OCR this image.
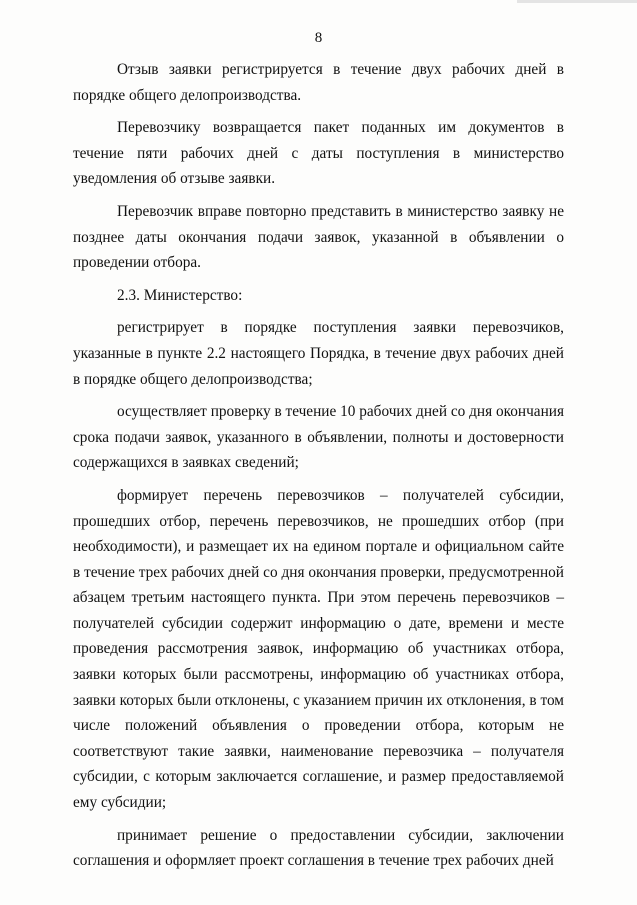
8

Отзыв заявки регистрируется в течение двух рабочих дней в порядке общего делопроизводства.

Перевозчику возвращается пакет поданных им документов в течение пяти рабочих дней с даты поступления в министерство уведомления об отзыве заявки.

Перевозчик вправе повторно представить в министерство заявку не позднее даты окончания подачи заявок, указанной в объявлении о проведении отбора.

2.3. Министерство:

регистрирует в порядке поступления заявки перевозчиков, указанные в пункте 2.2 настоящего Порядка, в течение двух рабочих дней в порядке общего делопроизводства;

осуществляет проверку в течение 10 рабочих дней со дня окончания срока подачи заявок, указанного в объявлении, полноты и достоверности содержащихся в заявках сведений;

формирует перечень перевозчиков – получателей субсидии, прошедших отбор, перечень перевозчиков, не прошедших отбор (при необходимости), и размещает их на едином портале и официальном сайте в течение трех рабочих дней со дня окончания проверки, предусмотренной абзацем третьим настоящего пункта. При этом перечень перевозчиков – получателей субсидии содержит информацию о дате, времени и месте проведения рассмотрения заявок, информацию об участниках отбора, заявки которых были рассмотрены, информацию об участниках отбора, заявки которых были отклонены, с указанием причин их отклонения, в том числе положений объявления о проведении отбора, которым не соответствуют такие заявки, наименование перевозчика – получателя субсидии, с которым заключается соглашение, и размер предоставляемой ему субсидии;

принимает решение о предоставлении субсидии, заключении соглашения и оформляет проект соглашения в течение трех рабочих дней
